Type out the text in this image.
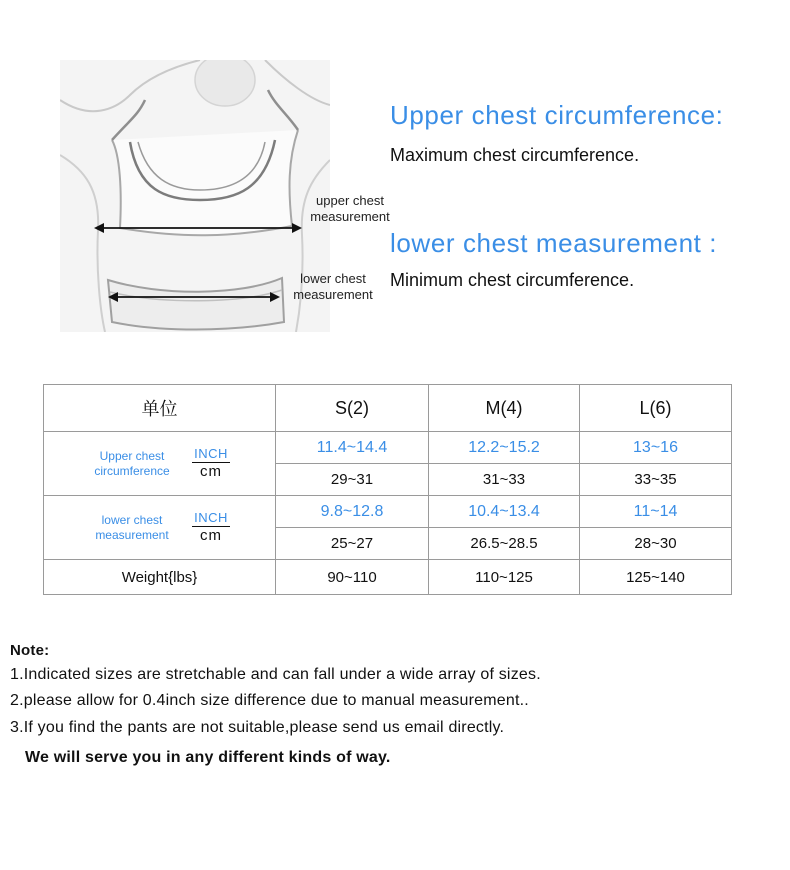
upper chest
measurement
lower chest
measurement
Upper chest circumference:
Maximum chest circumference.
lower chest measurement :
Minimum chest circumference.
单位	S(2)	M(4)	L(6)

Upper chest
circumference
INCH
cm	11.4~14.4	12.2~15.2	13~16
	29~31	31~33	33~35

lower chest
measurement
INCH
cm	9.8~12.8	10.4~13.4	11~14
	25~27	26.5~28.5	28~30
Weight{lbs}	90~110	110~125	125~140
Note:
1.Indicated sizes are stretchable and can fall under a wide array of sizes.
2.please allow for 0.4inch size difference due to manual measurement..
3.If you find the pants are not suitable,please send us email directly.
We will serve you in any different kinds of way.
